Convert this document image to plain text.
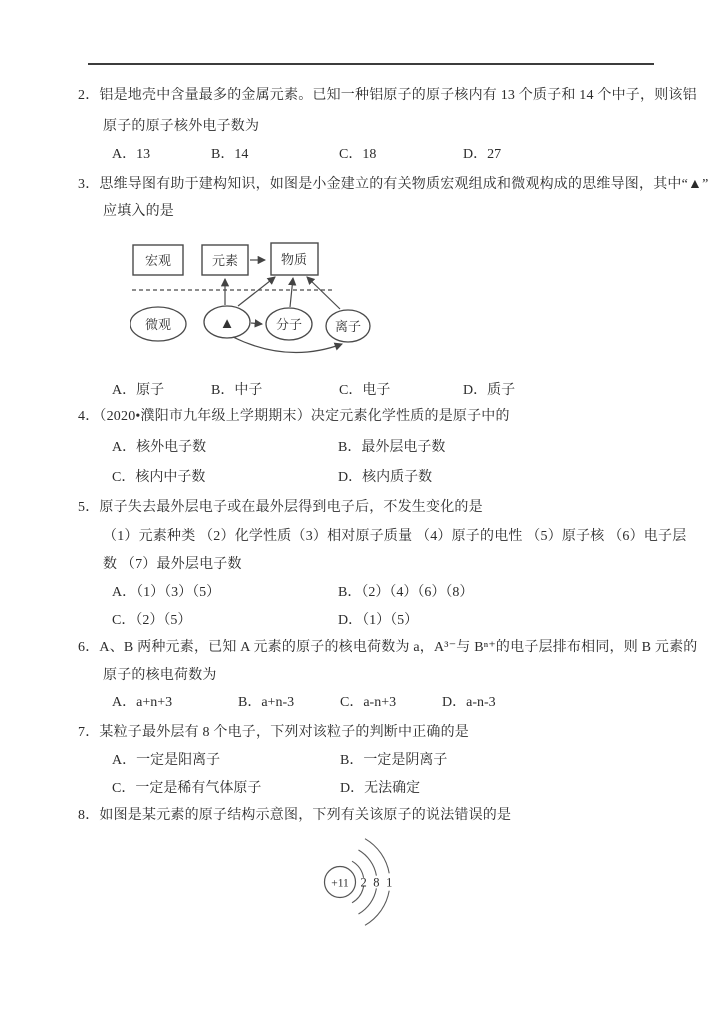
2．铝是地壳中含量最多的金属元素。已知一种铝原子的原子核内有 13 个质子和 14 个中子，则该铝
原子的原子核外电子数为
A．13	B．14	C．18	D．27
3．思维导图有助于建构知识，如图是小金建立的有关物质宏观组成和微观构成的思维导图，其中“▲”
应填入的是
宏观	元素	物质
微观	▲	分子	离子
A．原子	B．中子	C．电子	D．质子
4．（2020•濮阳市九年级上学期期末）决定元素化学性质的是原子中的
A．核外电子数	B．最外层电子数
C．核内中子数	D．核内质子数
5．原子失去最外层电子或在最外层得到电子后，不发生变化的是
（1）元素种类 （2）化学性质（3）相对原子质量 （4）原子的电性 （5）原子核 （6）电子层
数 （7）最外层电子数
A．（1）（3）（5）	B．（2）（4）（6）（8）
C．（2）（5）	D．（1）（5）
6．A、B 两种元素，已知 A 元素的原子的核电荷数为 a，A³⁻与 Bⁿ⁺的电子层排布相同，则 B 元素的
原子的核电荷数为
A．a+n+3	B．a+n-3	C．a-n+3	D．a-n-3
7．某粒子最外层有 8 个电子，下列对该粒子的判断中正确的是
A．一定是阳离子	B．一定是阴离子
C．一定是稀有气体原子	D．无法确定
8．如图是某元素的原子结构示意图，下列有关该原子的说法错误的是
+11 2 8 1
